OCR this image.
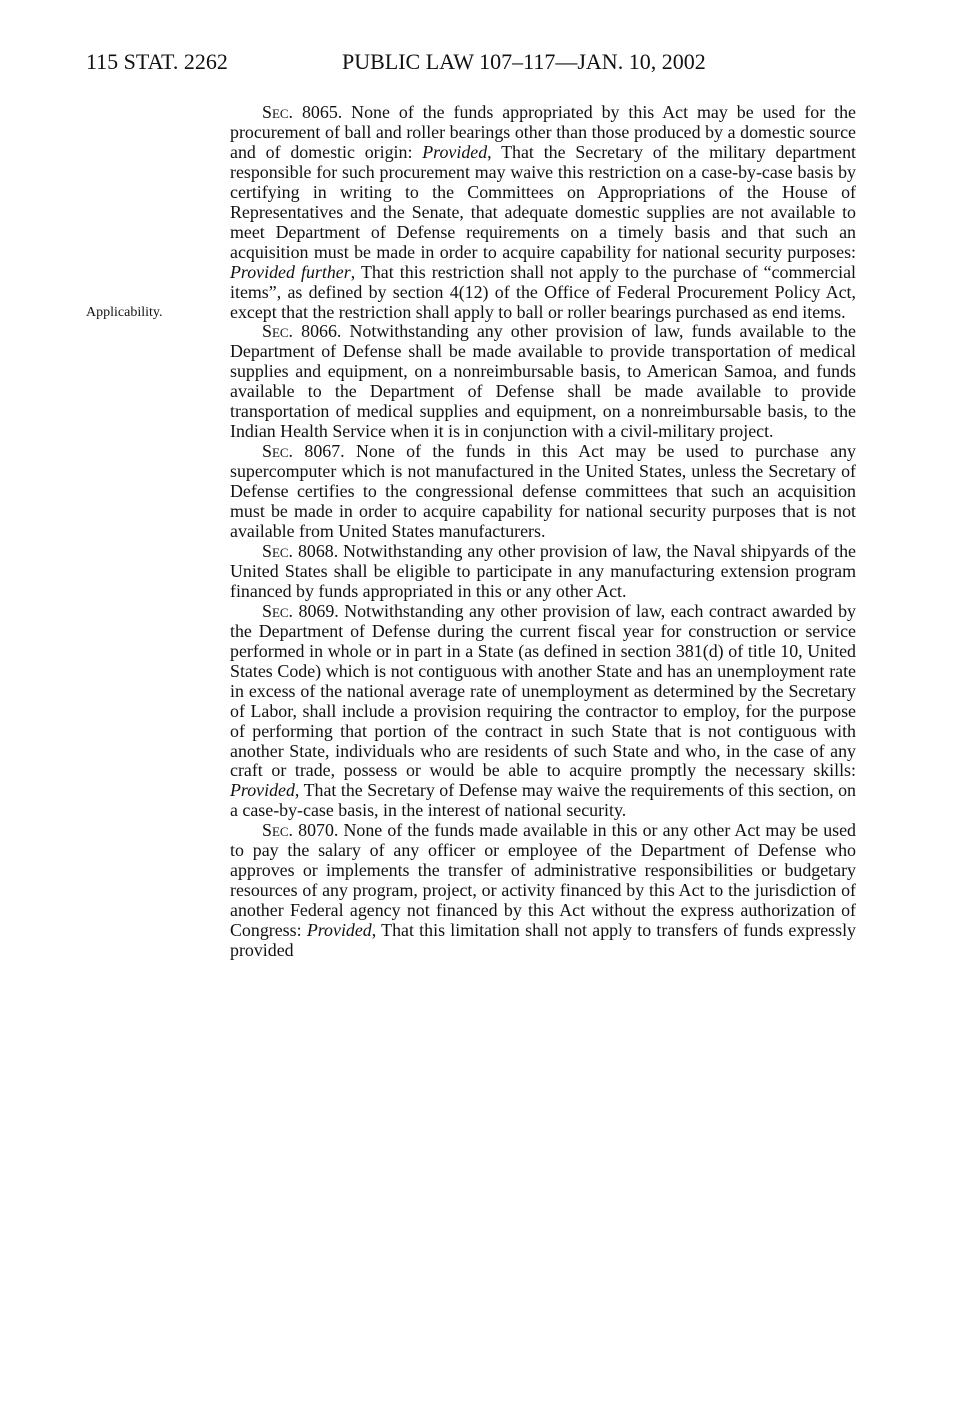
115 STAT. 2262	PUBLIC LAW 107–117—JAN. 10, 2002
Applicability.

Sec. 8065. None of the funds appropriated by this Act may be used for the procurement of ball and roller bearings other than those produced by a domestic source and of domestic origin: Provided, That the Secretary of the military department responsible for such procurement may waive this restriction on a case-by-case basis by certifying in writing to the Committees on Appropriations of the House of Representatives and the Senate, that adequate domestic supplies are not available to meet Department of Defense requirements on a timely basis and that such an acquisition must be made in order to acquire capability for national security purposes: Provided further, That this restriction shall not apply to the purchase of “commercial items”, as defined by section 4(12) of the Office of Federal Procurement Policy Act, except that the restriction shall apply to ball or roller bearings purchased as end items.

Sec. 8066. Notwithstanding any other provision of law, funds available to the Department of Defense shall be made available to provide transportation of medical supplies and equipment, on a nonreimbursable basis, to American Samoa, and funds available to the Department of Defense shall be made available to provide transportation of medical supplies and equipment, on a nonreimbursable basis, to the Indian Health Service when it is in conjunction with a civil-military project.

Sec. 8067. None of the funds in this Act may be used to purchase any supercomputer which is not manufactured in the United States, unless the Secretary of Defense certifies to the congressional defense committees that such an acquisition must be made in order to acquire capability for national security purposes that is not available from United States manufacturers.

Sec. 8068. Notwithstanding any other provision of law, the Naval shipyards of the United States shall be eligible to participate in any manufacturing extension program financed by funds appropriated in this or any other Act.

Sec. 8069. Notwithstanding any other provision of law, each contract awarded by the Department of Defense during the current fiscal year for construction or service performed in whole or in part in a State (as defined in section 381(d) of title 10, United States Code) which is not contiguous with another State and has an unemployment rate in excess of the national average rate of unemployment as determined by the Secretary of Labor, shall include a provision requiring the contractor to employ, for the purpose of performing that portion of the contract in such State that is not contiguous with another State, individuals who are residents of such State and who, in the case of any craft or trade, possess or would be able to acquire promptly the necessary skills: Provided, That the Secretary of Defense may waive the requirements of this section, on a case-by-case basis, in the interest of national security.

Sec. 8070. None of the funds made available in this or any other Act may be used to pay the salary of any officer or employee of the Department of Defense who approves or implements the transfer of administrative responsibilities or budgetary resources of any program, project, or activity financed by this Act to the jurisdiction of another Federal agency not financed by this Act without the express authorization of Congress: Provided, That this limitation shall not apply to transfers of funds expressly provided
